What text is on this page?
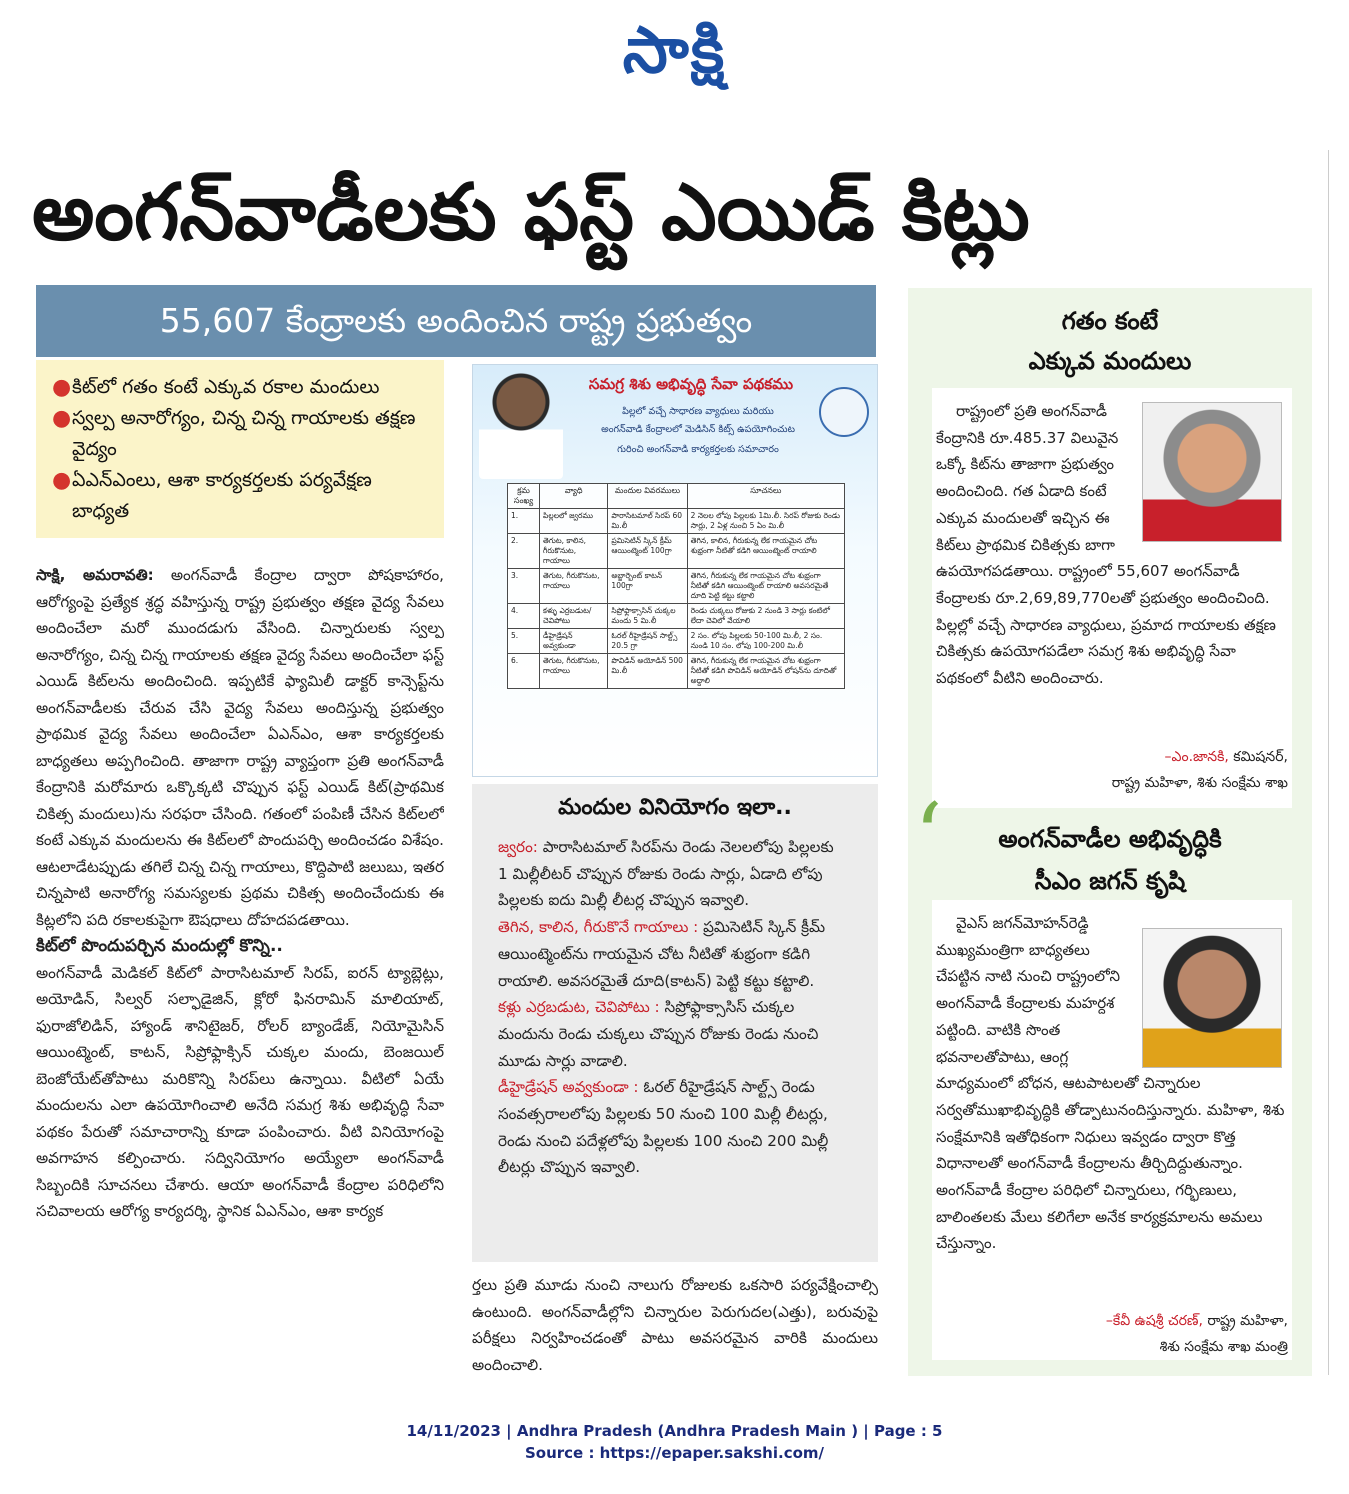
సాక్షి
అంగన్‌వాడీలకు ఫస్ట్ ఎయిడ్ కిట్లు
55,607 కేంద్రాలకు అందించిన రాష్ట్ర ప్రభుత్వం
● కిట్‌లో గతం కంటే ఎక్కువ రకాల మందులు
● స్వల్ప అనారోగ్యం, చిన్న చిన్న గాయాలకు తక్షణ వైద్యం
● ఏఎన్‌ఎంలు, ఆశా కార్యకర్తలకు పర్యవేక్షణ బాధ్యత

సాక్షి, అమరావతి: అంగన్‌వాడీ కేంద్రాల ద్వారా పోషకాహారం, ఆరోగ్యంపై ప్రత్యేక శ్రద్ధ వహిస్తున్న రాష్ట్ర ప్రభుత్వం తక్షణ వైద్య సేవలు అందించేలా మరో ముందడుగు వేసింది. చిన్నారులకు స్వల్ప అనారోగ్యం, చిన్న చిన్న గాయాలకు తక్షణ వైద్య సేవలు అందించేలా ఫస్ట్ ఎయిడ్ కిట్‌లను అందించింది. ఇప్పటికే ఫ్యామిలీ డాక్టర్ కాన్సెప్ట్‌ను అంగన్‌వాడీలకు చేరువ చేసి వైద్య సేవలు అందిస్తున్న ప్రభుత్వం ప్రాథమిక వైద్య సేవలు అందించేలా ఏఎన్‌ఎం, ఆశా కార్యకర్తలకు బాధ్యతలు అప్పగించింది. తాజాగా రాష్ట్ర వ్యాప్తంగా ప్రతి అంగన్‌వాడీ కేంద్రానికి మరోమారు ఒక్కొక్కటి చొప్పున ఫస్ట్ ఎయిడ్ కిట్(ప్రాథమిక చికిత్స మందులు)ను సరఫరా చేసింది. గతంలో పంపిణీ చేసిన కిట్‌లలో కంటే ఎక్కువ మందులను ఈ కిట్‌లలో పొందుపర్చి అందించడం విశేషం. ఆటలాడేటప్పుడు తగిలే చిన్న చిన్న గాయాలు, కొద్దిపాటి జలుబు, ఇతర చిన్నపాటి అనారోగ్య సమస్యలకు ప్రథమ చికిత్స అందించేందుకు ఈ కిట్లలోని పది రకాలకుపైగా ఔషధాలు దోహదపడతాయి.

కిట్‌లో పొందుపర్చిన మందుల్లో కొన్ని..

అంగన్‌వాడీ మెడికల్ కిట్‌లో పారాసిటమాల్ సిరప్, ఐరన్ ట్యాబ్లెట్లు, అయోడిన్, సిల్వర్ సల్ఫాడైజిన్, క్లోరో ఫినరామిన్ మాలియాట్, ఫురాజోలిడిన్, హ్యాండ్ శానిటైజర్, రోలర్ బ్యాండేజ్, నియోమైసిన్ ఆయింట్మెంట్, కాటన్, సిప్రోఫ్లాక్సిన్ చుక్కల మందు, బెంజయిల్ బెంజోయేట్‌తోపాటు మరికొన్ని సిరప్‌లు ఉన్నాయి. వీటిలో ఏయే మందులను ఎలా ఉపయోగించాలి అనేది సమగ్ర శిశు అభివృద్ధి సేవా పథకం పేరుతో సమాచారాన్ని కూడా పంపించారు. వీటి వినియోగంపై అవగాహన కల్పించారు. సద్వినియోగం అయ్యేలా అంగన్‌వాడీ సిబ్బందికి సూచనలు చేశారు. ఆయా అంగన్‌వాడీ కేంద్రాల పరిధిలోని సచివాలయ ఆరోగ్య కార్యదర్శి, స్థానిక ఏఎన్‌ఎం, ఆశా కార్యక

సమగ్ర శిశు అభివృద్ధి సేవా పథకము
పిల్లలో వచ్చే సాధారణ వ్యాధులు మరియు
అంగన్‌వాడి కేంద్రాలలో మెడిసిన్ కిట్స్ ఉపయోగించుట
గురించి అంగన్‌వాడి కార్యకర్తలకు సమాచారం
క్రమ సంఖ్య	వ్యాధి	మందుల వివరములు	సూచనలు
1.	పిల్లలలో జ్వరము	పారాసిటమాల్ సిరప్ 60 మి.లీ	2 నెలల లోపు పిల్లలకు 1మి.లీ. సిరప్ రోజుకు రెండు సార్లు, 2 ఏళ్ల నుంచి 5 ఏం మి.లీ
2.	తెగుట, కాలిన, గీరుకొనుట, గాయాలు	ప్రమిసెటిన్ స్కిన్ క్రీమ్ ఆయింట్మెంట్ 100గ్రా	తెగిన, కాలిన, గీరుకున్న లేక గాయమైన చోట శుభ్రంగా నీటితో కడిగి ఆయింట్మెంట్ రాయాలి
3.	తెగుట, గీరుకొనుట, గాయాలు	అబ్జార్బెంట్ కాటన్ 100గ్రా	తెగిన, గీరుకున్న లేక గాయమైన చోట శుభ్రంగా నీటితో కడిగి ఆయింట్మెంట్ రాయాలి అవసరమైతే దూది పెట్టి కట్టు కట్టాలి
4.	కళ్ళు ఎర్రబడుట/ చెవిపోటు	సిప్రోఫ్లాక్సాసిన్ చుక్కల మందు 5 మి.లీ	రెండు చుక్కలు రోజుకు 2 నుండి 3 సార్లు కంటిలో లేదా చెవిలో వేయాలి
5.	డీహైడ్రేషన్ అవ్వకుండా	ఓరల్ రీహైడ్రేషన్ సాల్ట్స్ 20.5 గ్రా	2 సం. లోపు పిల్లలకు 50-100 మి.లీ, 2 సం. నుండి 10 సం. లోపు 100-200 మి.లీ
6.	తెగుట, గీరుకొనుట, గాయాలు	పొవిడిన్ అయోడిన్ 500 మి.లీ	తెగిన, గీరుకున్న లేక గాయమైన చోట శుభ్రంగా నీటితో కడిగి పొవిడిన్ అయోడిన్ లోషన్‌ను దూదితో అద్దాలి
మందుల వినియోగం ఇలా..

జ్వరం: పారాసిటమాల్ సిరప్‌ను రెండు నెలలలోపు పిల్లలకు 1 మిల్లీలీటర్ చొప్పున రోజుకు రెండు సార్లు, ఏడాది లోపు పిల్లలకు ఐదు మిల్లీ లీటర్ల చొప్పున ఇవ్వాలి.

తెగిన, కాలిన, గీరుకొనే గాయాలు : ప్రమిసెటిన్ స్కిన్ క్రీమ్ ఆయింట్మెంట్‌ను గాయమైన చోట నీటితో శుభ్రంగా కడిగి రాయాలి. అవసరమైతే దూది(కాటన్) పెట్టి కట్టు కట్టాలి.

కళ్లు ఎర్రబడుట, చెవిపోటు : సిప్రోఫ్లాక్సాసిస్ చుక్కల మందును రెండు చుక్కలు చొప్పున రోజుకు రెండు నుంచి మూడు సార్లు వాడాలి.

డీహైడ్రేషన్ అవ్వకుండా : ఓరల్ రీహైడ్రేషన్ సాల్ట్స్ రెండు సంవత్సరాలలోపు పిల్లలకు 50 నుంచి 100 మిల్లీ లీటర్లు, రెండు నుంచి పదేళ్లలోపు పిల్లలకు 100 నుంచి 200 మిల్లీ లీటర్లు చొప్పున ఇవ్వాలి.

ర్తలు ప్రతి మూడు నుంచి నాలుగు రోజులకు ఒకసారి పర్యవేక్షించాల్సి ఉంటుంది. అంగన్‌వాడీల్లోని చిన్నారుల పెరుగుదల(ఎత్తు), బరువుపై పరీక్షలు నిర్వహించడంతో పాటు అవసరమైన వారికి మందులు అందించాలి.

గతం కంటే
ఎక్కువ మందులు

రాష్ట్రంలో ప్రతి అంగన్‌వాడీ కేంద్రానికి రూ.485.37 విలువైన ఒక్కో కిట్‌ను తాజాగా ప్రభుత్వం అందించింది. గత ఏడాది కంటే ఎక్కువ మందులతో ఇచ్చిన ఈ కిట్‌లు ప్రాథమిక చికిత్సకు బాగా ఉపయోగపడతాయి. రాష్ట్రంలో 55,607 అంగన్‌వాడీ కేంద్రాలకు రూ.2,69,89,770లతో ప్రభుత్వం అందించింది. పిల్లల్లో వచ్చే సాధారణ వ్యాధులు, ప్రమాద గాయాలకు తక్షణ చికిత్సకు ఉపయోగపడేలా సమగ్ర శిశు అభివృద్ధి సేవా పథకంలో వీటిని అందించారు.

–ఎం.జానకి, కమిషనర్,
రాష్ట్ర మహిళా, శిశు సంక్షేమ శాఖ
‘	అంగన్‌వాడీల అభివృద్ధికి
సీఎం జగన్ కృషి

వైఎస్ జగన్‌మోహన్‌రెడ్డి ముఖ్యమంత్రిగా బాధ్యతలు చేపట్టిన నాటి నుంచి రాష్ట్రంలోని అంగన్‌వాడీ కేంద్రాలకు మహర్దశ పట్టింది. వాటికి సొంత భవనాలతోపాటు, ఆంగ్ల మాధ్యమంలో బోధన, ఆటపాటలతో చిన్నారుల సర్వతోముఖాభివృద్ధికి తోడ్పాటునందిస్తున్నారు. మహిళా, శిశు సంక్షేమానికి ఇతోధికంగా నిధులు ఇవ్వడం ద్వారా కొత్త విధానాలతో అంగన్‌వాడీ కేంద్రాలను తీర్చిదిద్దుతున్నాం. అంగన్‌వాడీ కేంద్రాల పరిధిలో చిన్నారులు, గర్భిణులు, బాలింతలకు మేలు కలిగేలా అనేక కార్యక్రమాలను అమలు చేస్తున్నాం.

–కేవీ ఉషశ్రీ చరణ్, రాష్ట్ర మహిళా,
శిశు సంక్షేమ శాఖ మంత్రి
14/11/2023 | Andhra Pradesh (Andhra Pradesh Main ) | Page : 5
Source : https://epaper.sakshi.com/
